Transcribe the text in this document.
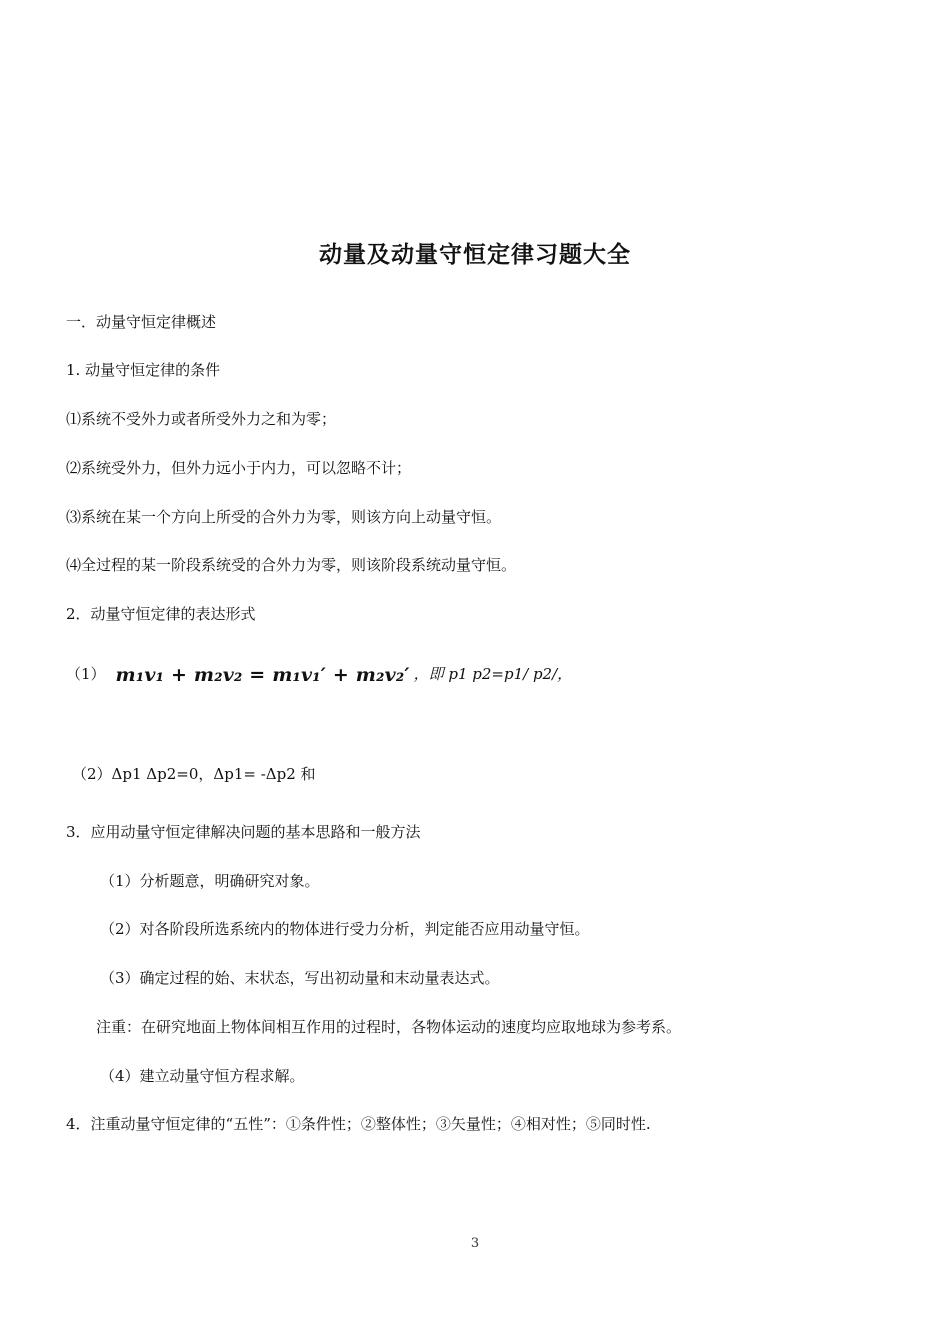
动量及动量守恒定律习题大全
一．动量守恒定律概述
1. 动量守恒定律的条件
⑴系统不受外力或者所受外力之和为零；
⑵系统受外力，但外力远小于内力，可以忽略不计；
⑶系统在某一个方向上所受的合外力为零，则该方向上动量守恒。
⑷全过程的某一阶段系统受的合外力为零，则该阶段系统动量守恒。
2．动量守恒定律的表达形式
（1） m₁v₁ + m₂v₂ = m₁v₁′ + m₂v₂′ ，即 p1 p2=p1/ p2/，
（2）Δp1 Δp2=0，Δp1= -Δp2 和
3．应用动量守恒定律解决问题的基本思路和一般方法
（1）分析题意，明确研究对象。
（2）对各阶段所选系统内的物体进行受力分析，判定能否应用动量守恒。
（3）确定过程的始、末状态，写出初动量和末动量表达式。
注重：在研究地面上物体间相互作用的过程时，各物体运动的速度均应取地球为参考系。
（4）建立动量守恒方程求解。
4．注重动量守恒定律的“五性”：①条件性；②整体性；③矢量性；④相对性；⑤同时性.
3
